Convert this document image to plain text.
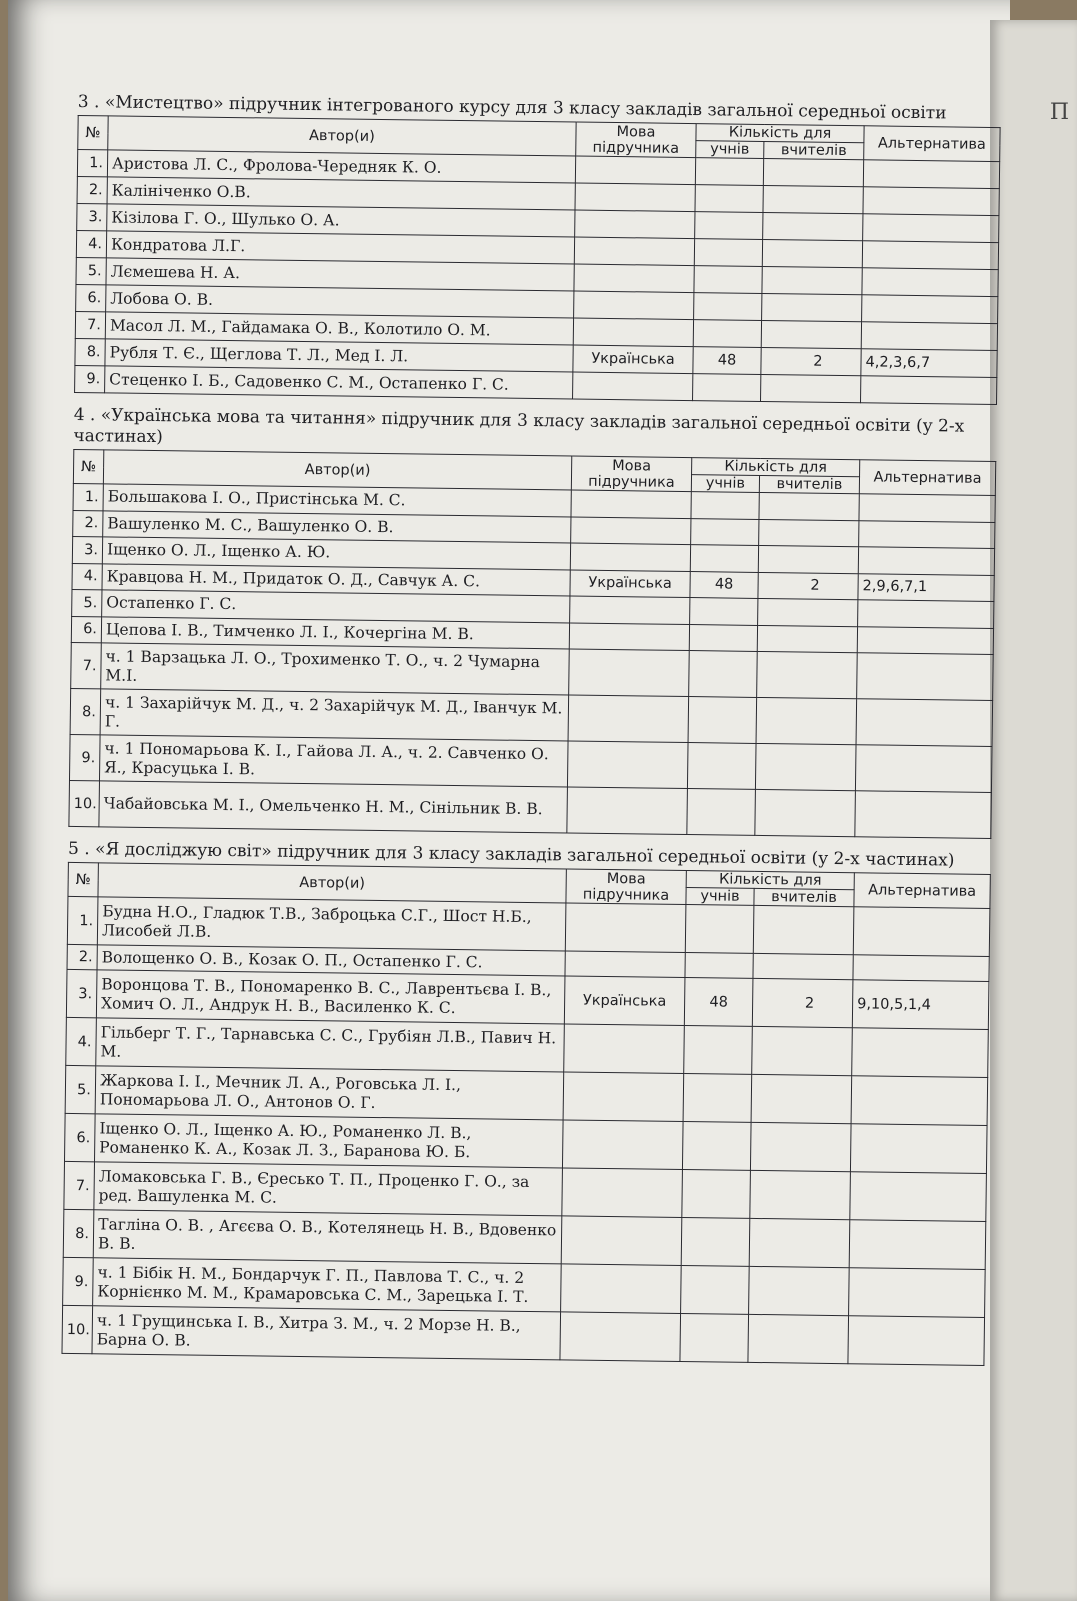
П
3 . «Мистецтво» підручник інтегрованого курсу для 3 класу закладів загальної середньої освіти
№	Автор(и)	Мова підручника	Кількість для		Альтернатива
			учнів	вчителів	
1.	Аристова Л. С., Фролова-Чередняк К. О.				
2.	Калініченко О.В.				
3.	Кізілова Г. О., Шулько О. А.				
4.	Кондратова Л.Г.				
5.	Лємешева Н. А.				
6.	Лобова О. В.				
7.	Масол Л. М., Гайдамака О. В., Колотило О. М.				
8.	Рубля Т. Є., Щеглова Т. Л., Мед І. Л.	Українська	48	2	4,2,3,6,7
9.	Стеценко І. Б., Садовенко С. М., Остапенко Г. С.				
4 . «Українська мова та читання» підручник для 3 класу закладів загальної середньої освіти (у 2-х частинах)
№	Автор(и)	Мова підручника	Кількість для		Альтернатива
			учнів	вчителів	
1.	Большакова І. О., Пристінська М. С.				
2.	Вашуленко М. С., Вашуленко О. В.				
3.	Іщенко О. Л., Іщенко А. Ю.				
4.	Кравцова Н. М., Придаток О. Д., Савчук А. С.	Українська	48	2	2,9,6,7,1
5.	Остапенко Г. С.				
6.	Цепова І. В., Тимченко Л. І., Кочергіна М. В.				
7.	ч. 1 Варзацька Л. О., Трохименко Т. О., ч. 2 Чумарна М.І.				
8.	ч. 1 Захарійчук М. Д., ч. 2 Захарійчук М. Д., Іванчук М. Г.				
9.	ч. 1 Пономарьова К. І., Гайова Л. А., ч. 2. Савченко О. Я., Красуцька І. В.				
10.	Чабайовська М. І., Омельченко Н. М., Сінільник В. В.				
5 . «Я досліджую світ» підручник для 3 класу закладів загальної середньої освіти (у 2-х частинах)
№	Автор(и)	Мова підручника	Кількість для		Альтернатива
			учнів	вчителів	
1.	Будна Н.О., Гладюк Т.В., Заброцька С.Г., Шост Н.Б., Лисобей Л.В.				
2.	Волощенко О. В., Козак О. П., Остапенко Г. С.				
3.	Воронцова Т. В., Пономаренко В. С., Лаврентьєва І. В., Хомич О. Л., Андрук Н. В., Василенко К. С.	Українська	48	2	9,10,5,1,4
4.	Гільберг Т. Г., Тарнавська С. С., Грубіян Л.В., Павич Н. М.				
5.	Жаркова І. І., Мечник Л. А., Роговська Л. І., Пономарьова Л. О., Антонов О. Г.				
6.	Іщенко О. Л., Іщенко А. Ю., Романенко Л. В., Романенко К. А., Козак Л. З., Баранова Ю. Б.				
7.	Ломаковська Г. В., Єресько Т. П., Проценко Г. О., за ред. Вашуленка М. С.				
8.	Тагліна О. В. , Агєєва О. В., Котелянець Н. В., Вдовенко В. В.				
9.	ч. 1 Бібік Н. М., Бондарчук Г. П., Павлова Т. С., ч. 2 Корнієнко М. М., Крамаровська С. М., Зарецька І. Т.				
10.	ч. 1 Грущинська І. В., Хитра З. М., ч. 2 Морзе Н. В., Барна О. В.				
